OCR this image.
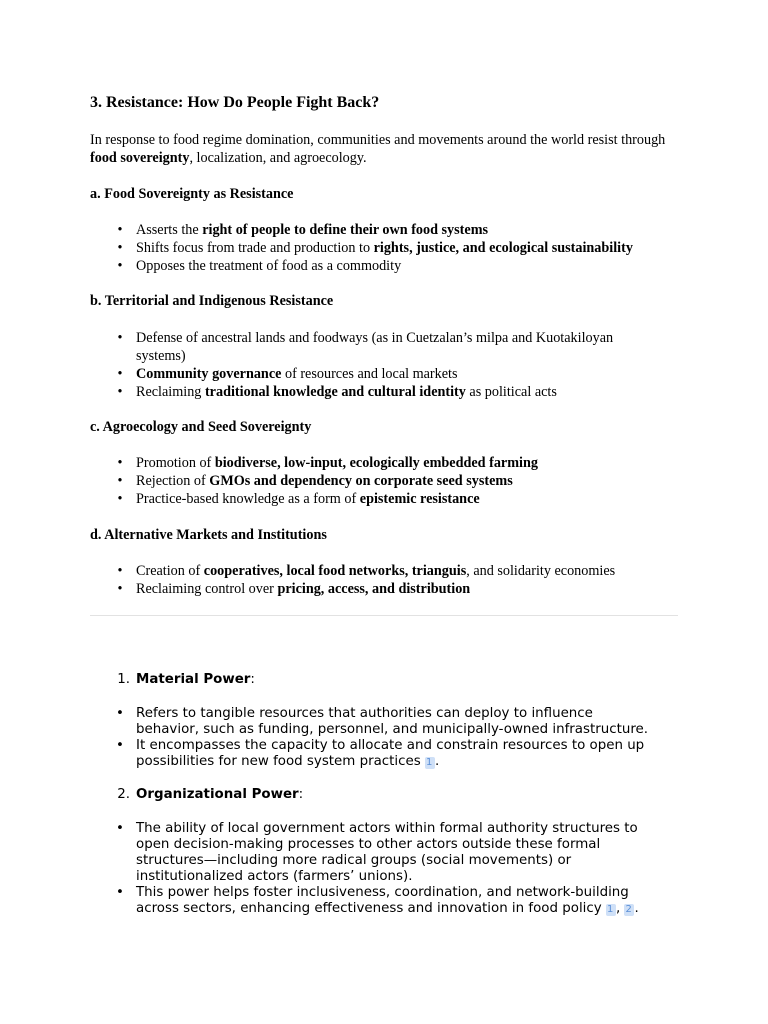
3. Resistance: How Do People Fight Back?

In response to food regime domination, communities and movements around the world resist through food sovereignty, localization, and agroecology.

a. Food Sovereignty as Resistance

• Asserts the right of people to define their own food systems
• Shifts focus from trade and production to rights, justice, and ecological sustainability
• Opposes the treatment of food as a commodity

b. Territorial and Indigenous Resistance

• Defense of ancestral lands and foodways (as in Cuetzalan’s milpa and Kuotakiloyan systems)
• Community governance of resources and local markets
• Reclaiming traditional knowledge and cultural identity as political acts

c. Agroecology and Seed Sovereignty

• Promotion of biodiverse, low-input, ecologically embedded farming
• Rejection of GMOs and dependency on corporate seed systems
• Practice-based knowledge as a form of epistemic resistance

d. Alternative Markets and Institutions

• Creation of cooperatives, local food networks, trianguis, and solidarity economies
• Reclaiming control over pricing, access, and distribution
1. Material Power:
• Refers to tangible resources that authorities can deploy to influence behavior, such as funding, personnel, and municipally-owned infrastructure.
• It encompasses the capacity to allocate and constrain resources to open up possibilities for new food system practices 1 .
2. Organizational Power:
• The ability of local government actors within formal authority structures to open decision-making processes to other actors outside these formal structures—including more radical groups (social movements) or institutionalized actors (farmers’ unions).
• This power helps foster inclusiveness, coordination, and network-building across sectors, enhancing effectiveness and innovation in food policy 1 , 2 .
